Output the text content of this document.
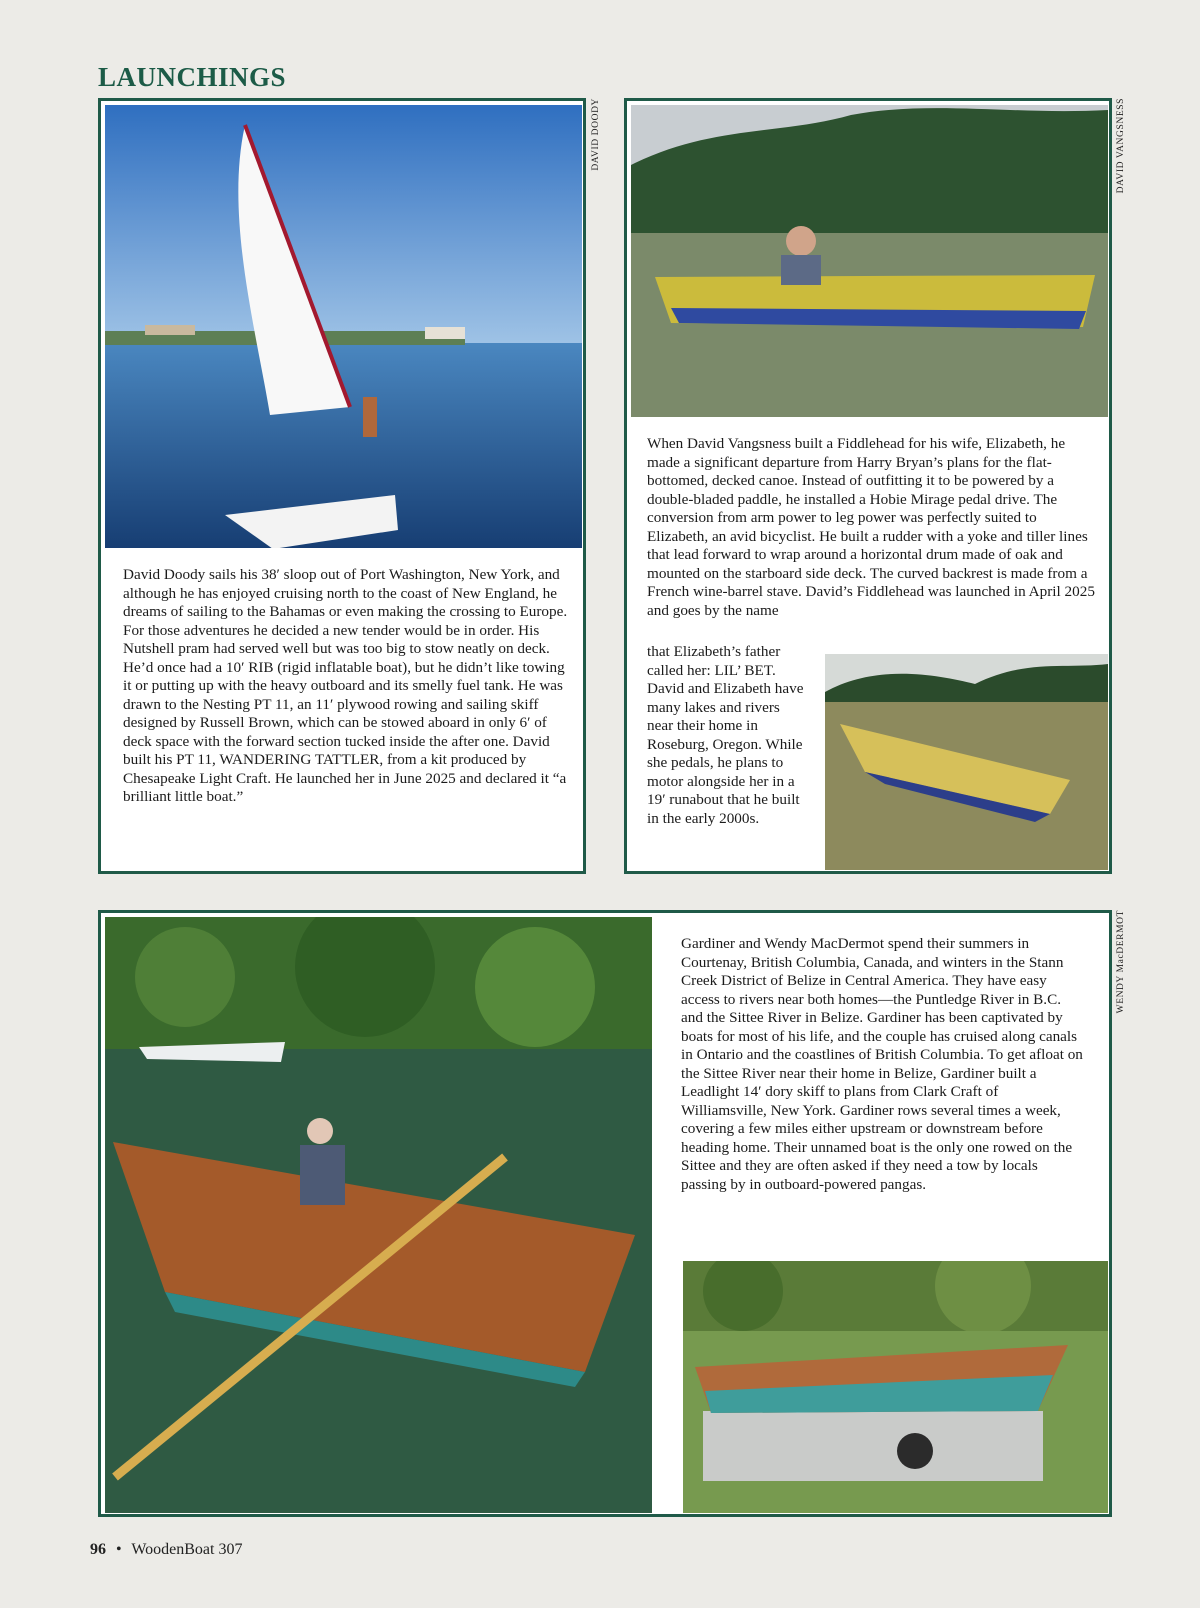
LAUNCHINGS

David Doody sails his 38′ sloop out of Port Washington, New York, and although he has enjoyed cruising north to the coast of New England, he dreams of sailing to the Bahamas or even making the crossing to Europe. For those adventures he decided a new tender would be in order. His Nutshell pram had served well but was too big to stow neatly on deck. He’d once had a 10′ RIB (rigid inflatable boat), but he didn’t like towing it or putting up with the heavy outboard and its smelly fuel tank. He was drawn to the Nesting PT 11, an 11′ plywood rowing and sailing skiff designed by Russell Brown, which can be stowed aboard in only 6′ of deck space with the forward section tucked inside the after one. David built his PT 11, WANDERING TATTLER, from a kit produced by Chesapeake Light Craft. He launched her in June 2025 and declared it “a brilliant little boat.”

DAVID DOODY

When David Vangsness built a Fiddlehead for his wife, Elizabeth, he made a significant departure from Harry Bryan’s plans for the flat-bottomed, decked canoe. Instead of outfitting it to be powered by a double-bladed paddle, he installed a Hobie Mirage pedal drive. The conversion from arm power to leg power was perfectly suited to Elizabeth, an avid bicyclist. He built a rudder with a yoke and tiller lines that lead forward to wrap around a horizontal drum made of oak and mounted on the starboard side deck. The curved backrest is made from a French wine-barrel stave. David’s Fiddlehead was launched in April 2025 and goes by the name

that Elizabeth’s father called her: LIL’ BET. David and Elizabeth have many lakes and rivers near their home in Roseburg, Oregon. While she pedals, he plans to motor alongside her in a 19′ runabout that he built in the early 2000s.

DAVID VANGSNESS

Gardiner and Wendy MacDermot spend their summers in Courtenay, British Columbia, Canada, and winters in the Stann Creek District of Belize in Central America. They have easy access to rivers near both homes—the Puntledge River in B.C. and the Sittee River in Belize. Gardiner has been captivated by boats for most of his life, and the couple has cruised along canals in Ontario and the coastlines of British Columbia. To get afloat on the Sittee River near their home in Belize, Gardiner built a Leadlight 14′ dory skiff to plans from Clark Craft of Williamsville, New York. Gardiner rows several times a week, covering a few miles either upstream or downstream before heading home. Their unnamed boat is the only one rowed on the Sittee and they are often asked if they need a tow by locals passing by in outboard-powered pangas.

WENDY MacDERMOT
96 • WoodenBoat 307
